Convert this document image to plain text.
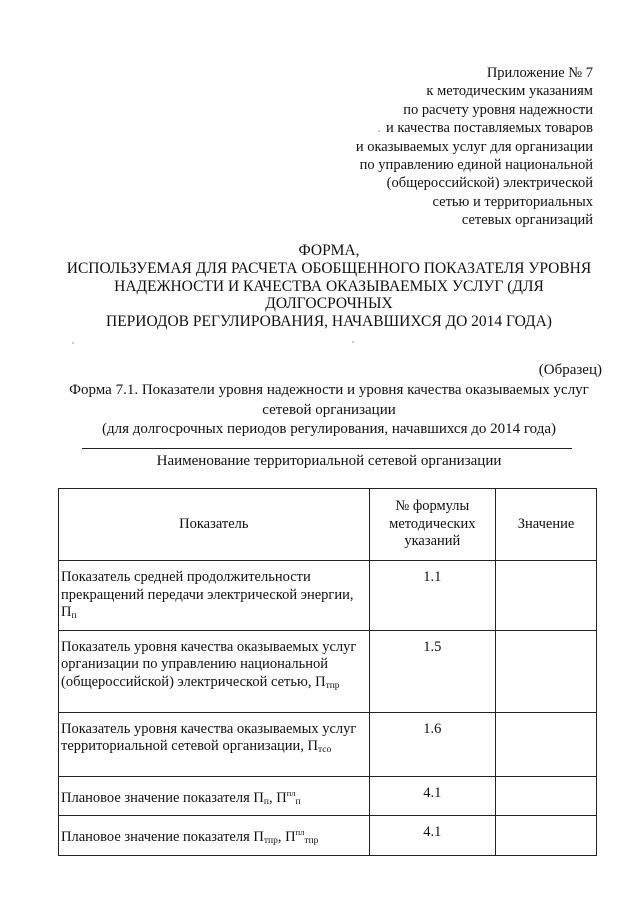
Приложение № 7
к методическим указаниям
по расчету уровня надежности
и качества поставляемых товаров
и оказываемых услуг для организации
по управлению единой национальной
(общероссийской) электрической
сетью и территориальных
сетевых организаций
ФОРМА,
ИСПОЛЬЗУЕМАЯ ДЛЯ РАСЧЕТА ОБОБЩЕННОГО ПОКАЗАТЕЛЯ УРОВНЯ
НАДЕЖНОСТИ И КАЧЕСТВА ОКАЗЫВАЕМЫХ УСЛУГ (ДЛЯ
ДОЛГОСРОЧНЫХ
ПЕРИОДОВ РЕГУЛИРОВАНИЯ, НАЧАВШИХСЯ ДО 2014 ГОДА)
(Образец)
Форма 7.1. Показатели уровня надежности и уровня качества оказываемых услуг
сетевой организации
(для долгосрочных периодов регулирования, начавшихся до 2014 года)
Наименование территориальной сетевой организации
Показатель	№ формулы методических указаний	Значение
Показатель средней продолжительности прекращений передачи электрической энергии, $П_п$	1.1	
Показатель уровня качества оказываемых услуг организации по управлению национальной (общероссийской) электрической сетью, $П_{тпр}$	1.5	
Показатель уровня качества оказываемых услуг территориальной сетевой организации, $П_{тсо}$	1.6	
Плановое значение показателя $П_п$, $П^{пл}_п$	4.1	
Плановое значение показателя $П_{тпр}$, $П^{пл}_{тпр}$	4.1	
